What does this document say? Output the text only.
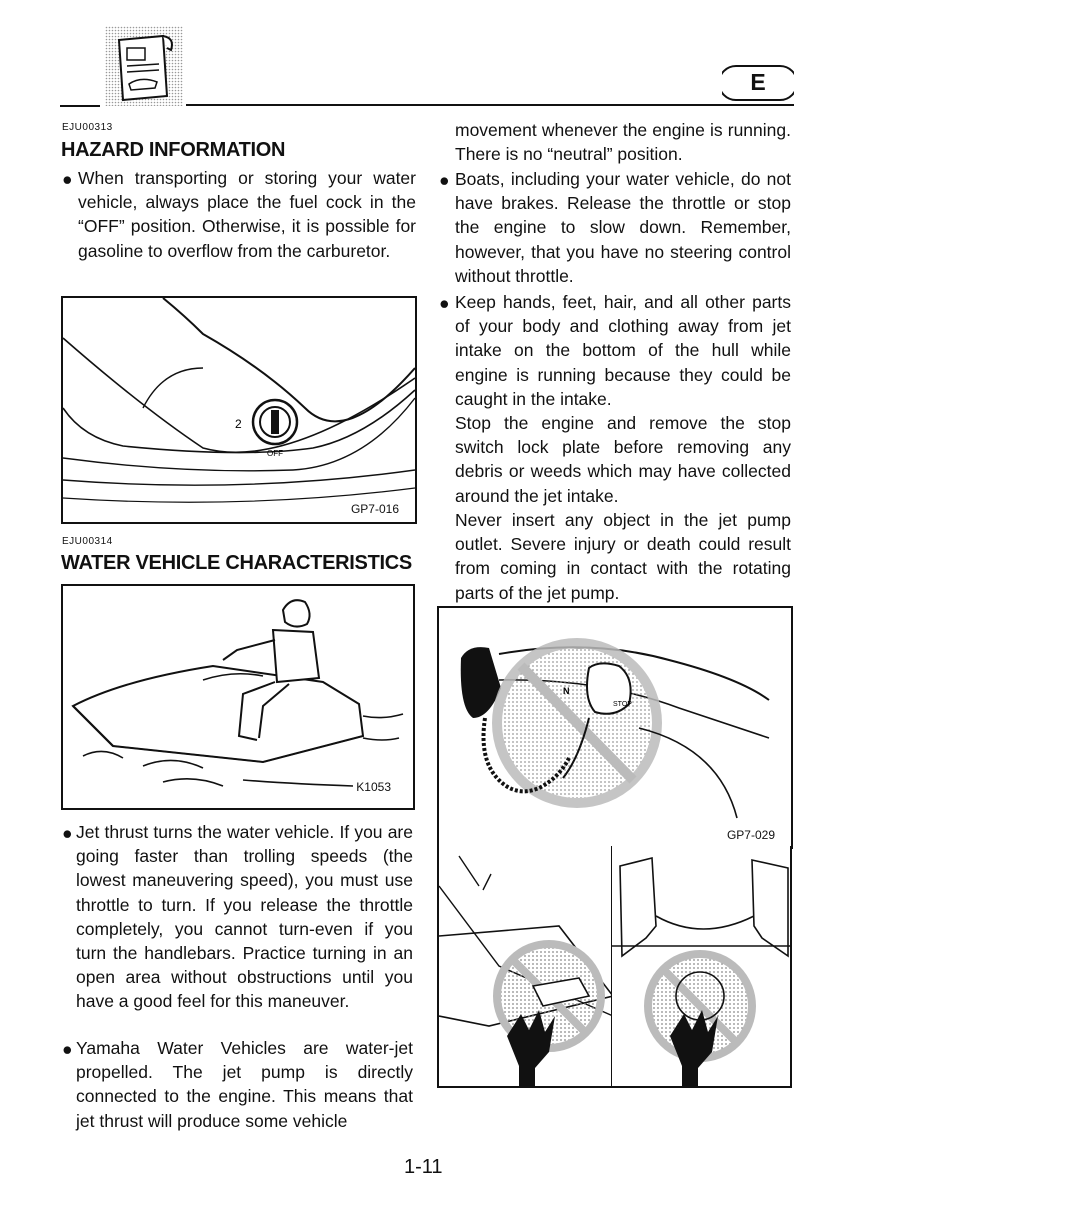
E
EJU00313
HAZARD INFORMATION
● When transporting or storing your water vehicle, always place the fuel cock in the “OFF” position. Otherwise, it is possible for gasoline to overflow from the carburetor.
2
OFF
GP7-016
EJU00314
WATER VEHICLE CHARACTERISTICS
K1053
● Jet thrust turns the water vehicle. If you are going faster than trolling speeds (the lowest maneuvering speed), you must use throttle to turn. If you release the throttle completely, you cannot turn-even if you turn the handlebars. Practice turning in an open area without obstructions until you have a good feel for this maneuver.
● Yamaha Water Vehicles are water-jet propelled. The jet pump is directly connected to the engine. This means that jet thrust will produce some vehicle
movement whenever the engine is running. There is no “neutral” position.
● Boats, including your water vehicle, do not have brakes. Release the throttle or stop the engine to slow down. Remember, however, that you have no steering control without throttle.
● Keep hands, feet, hair, and all other parts of your body and clothing away from jet intake on the bottom of the hull while engine is running because they could be caught in the intake.
Stop the engine and remove the stop switch lock plate before removing any debris or weeds which may have collected around the jet intake.
Never insert any object in the jet pump outlet. Severe injury or death could result from coming in contact with the rotating parts of the jet pump.
N
STOP
GP7-029
1-11
